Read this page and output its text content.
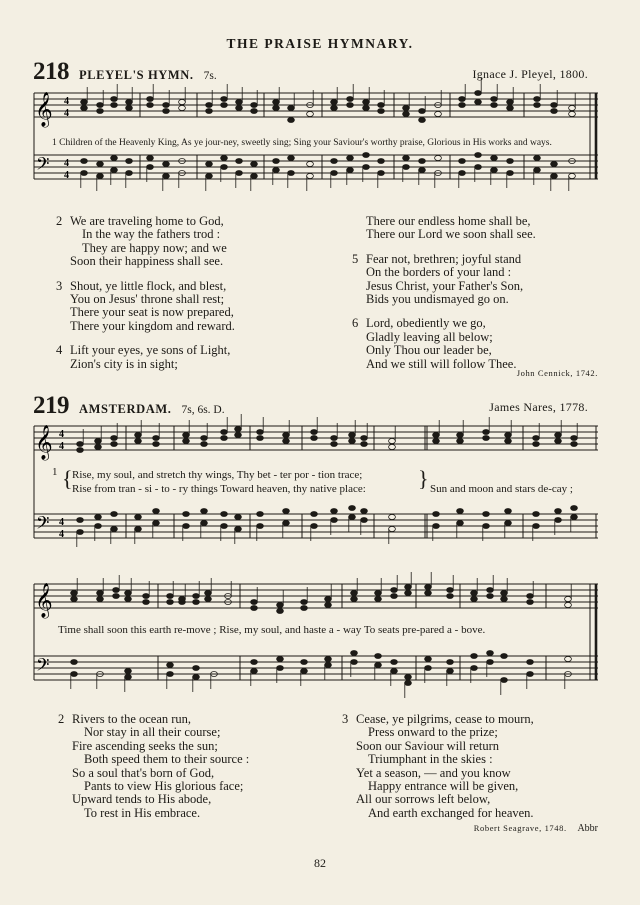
THE PRAISE HYMNARY.
218 PLEYEL'S HYMN. 7s.	Ignace J. Pleyel, 1800.
𝄞
𝄢
4
4
4
4
1 Children of the Heavenly King, As ye jour-ney, sweetly sing; Sing your Saviour's worthy praise, Glorious in His works and ways.
2 We are traveling home to God,
In the way the fathers trod :
They are happy now; and we
Soon their happiness shall see.
3 Shout, ye little flock, and blest,
You on Jesus' throne shall rest;
There your seat is now prepared,
There your kingdom and reward.
4 Lift your eyes, ye sons of Light,
Zion's city is in sight;
There our endless home shall be,
There our Lord we soon shall see.
5 Fear not, brethren; joyful stand
On the borders of your land :
Jesus Christ, your Father's Son,
Bids you undismayed go on.
6 Lord, obediently we go,
Gladly leaving all below;
Only Thou our leader be,
And we still will follow Thee.
John Cennick, 1742.
219 AMSTERDAM. 7s, 6s. D.	James Nares, 1778.
𝄞
𝄢
4
4
4
4
1 { Rise, my soul, and stretch thy wings, Thy bet - ter por - tion trace;
Rise from tran - si - to - ry things Toward heaven, thy native place: } Sun and moon and stars de-cay ;
𝄞
𝄢
Time shall soon this earth re-move ; Rise, my soul, and haste a - way To seats pre-pared a - bove.
2 Rivers to the ocean run,
Nor stay in all their course;
Fire ascending seeks the sun;
Both speed them to their source :
So a soul that's born of God,
Pants to view His glorious face;
Upward tends to His abode,
To rest in His embrace.
3 Cease, ye pilgrims, cease to mourn,
Press onward to the prize;
Soon our Saviour will return
Triumphant in the skies :
Yet a season, — and you know
Happy entrance will be given,
All our sorrows left below,
And earth exchanged for heaven.
Robert Seagrave, 1748. Abbr
82
